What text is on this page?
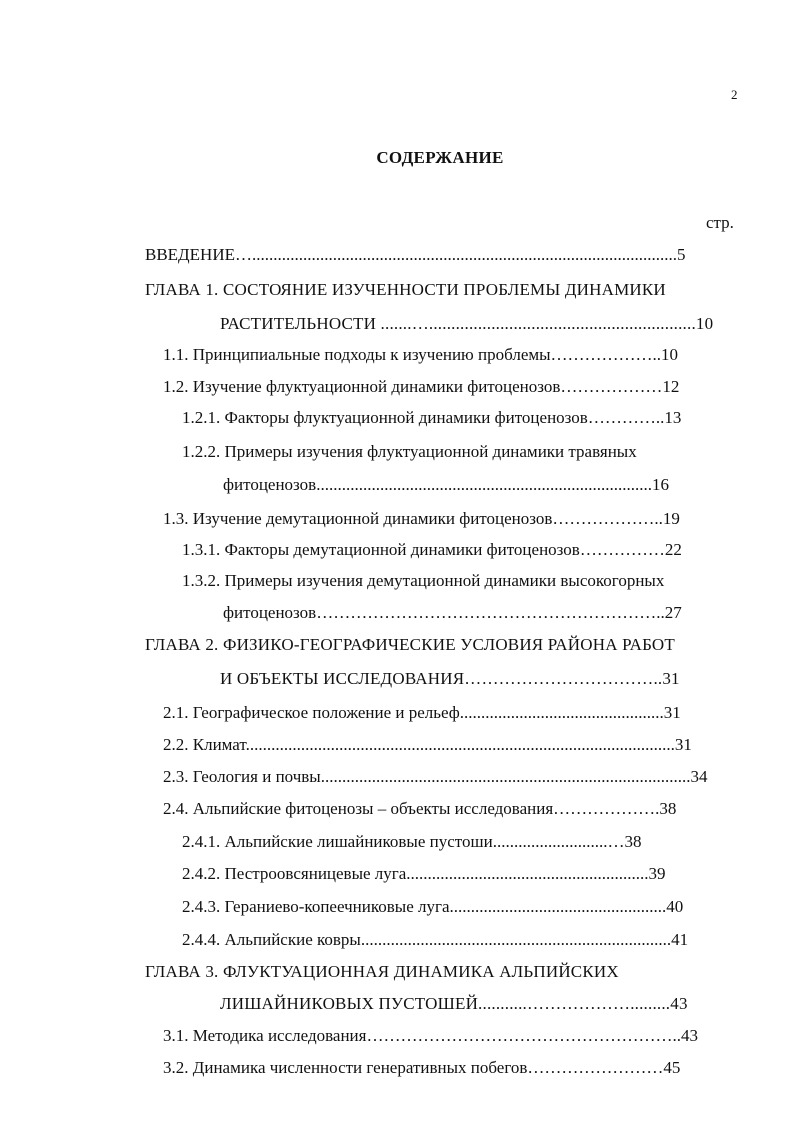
2
СОДЕРЖАНИЕ
стр.
ВВЕДЕНИЕ…....................................................................................................5
ГЛАВА 1. СОСТОЯНИЕ ИЗУЧЕННОСТИ ПРОБЛЕМЫ ДИНАМИКИ
РАСТИТЕЛЬНОСТИ .......…............................................................10
1.1. Принципиальные подходы к изучению проблемы………………..10
1.2. Изучение флуктуационной динамики фитоценозов………………12
1.2.1. Факторы флуктуационной динамики фитоценозов…………..13
1.2.2. Примеры изучения флуктуационной динамики травяных
фитоценозов...............................................................................16
1.3. Изучение демутационной динамики фитоценозов………………..19
1.3.1. Факторы демутационной динамики фитоценозов……………22
1.3.2. Примеры изучения демутационной динамики высокогорных
фитоценозов……………………………………………………..27
ГЛАВА 2. ФИЗИКО-ГЕОГРАФИЧЕСКИЕ УСЛОВИЯ РАЙОНА РАБОТ
И ОБЪЕКТЫ ИССЛЕДОВАНИЯ……………………………..31
2.1. Географическое положение и рельеф................................................31
2.2. Климат.....................................................................................................31
2.3. Геология и почвы.......................................................................................34
2.4. Альпийские фитоценозы – объекты исследования……………….38
2.4.1. Альпийские лишайниковые пустоши...........................…38
2.4.2. Пестроовсяницевые луга.........................................................39
2.4.3. Гераниево-копеечниковые луга...................................................40
2.4.4. Альпийские ковры.........................................................................41
ГЛАВА 3. ФЛУКТУАЦИОННАЯ ДИНАМИКА АЛЬПИЙСКИХ
ЛИШАЙНИКОВЫХ ПУСТОШЕЙ...........……………….........43
3.1. Методика исследования………………………………………………..43
3.2. Динамика численности генеративных побегов……………………45
